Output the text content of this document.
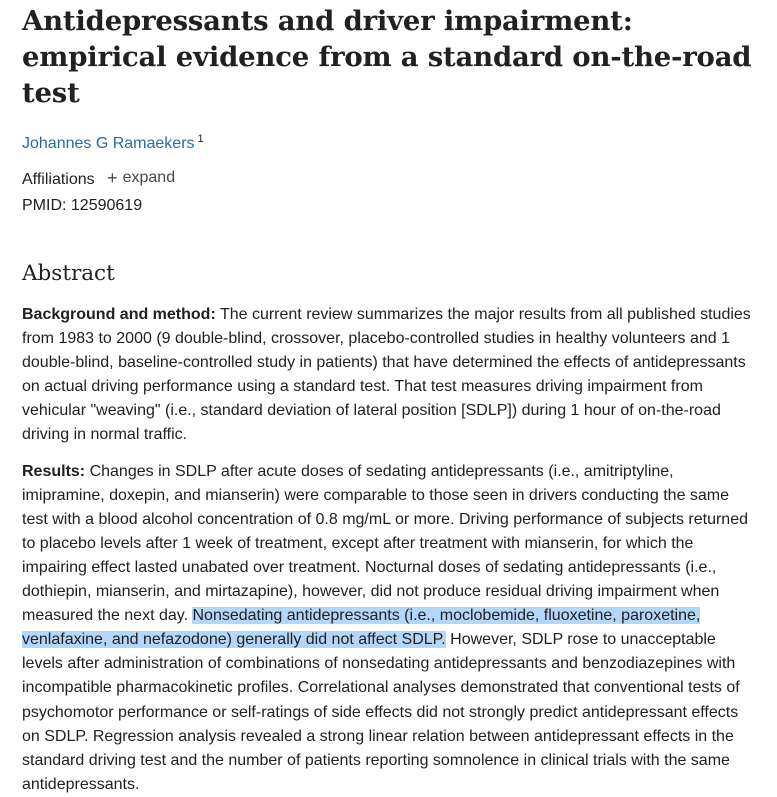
Antidepressants and driver impairment: empirical evidence from a standard on-the-road test
Johannes G Ramaekers $^1$
Affiliations + expand
PMID: 12590619
Abstract

Background and method: The current review summarizes the major results from all published studies from 1983 to 2000 (9 double-blind, crossover, placebo-controlled studies in healthy volunteers and 1 double-blind, baseline-controlled study in patients) that have determined the effects of antidepressants on actual driving performance using a standard test. That test measures driving impairment from vehicular "weaving" (i.e., standard deviation of lateral position [SDLP]) during 1 hour of on-the-road driving in normal traffic.

Results: Changes in SDLP after acute doses of sedating antidepressants (i.e., amitriptyline, imipramine, doxepin, and mianserin) were comparable to those seen in drivers conducting the same test with a blood alcohol concentration of 0.8 mg/mL or more. Driving performance of subjects returned to placebo levels after 1 week of treatment, except after treatment with mianserin, for which the impairing effect lasted unabated over treatment. Nocturnal doses of sedating antidepressants (i.e., dothiepin, mianserin, and mirtazapine), however, did not produce residual driving impairment when measured the next day. Nonsedating antidepressants (i.e., moclobemide, fluoxetine, paroxetine, venlafaxine, and nefazodone) generally did not affect SDLP. However, SDLP rose to unacceptable levels after administration of combinations of nonsedating antidepressants and benzodiazepines with incompatible pharmacokinetic profiles. Correlational analyses demonstrated that conventional tests of psychomotor performance or self-ratings of side effects did not strongly predict antidepressant effects on SDLP. Regression analysis revealed a strong linear relation between antidepressant effects in the standard driving test and the number of patients reporting somnolence in clinical trials with the same antidepressants.
